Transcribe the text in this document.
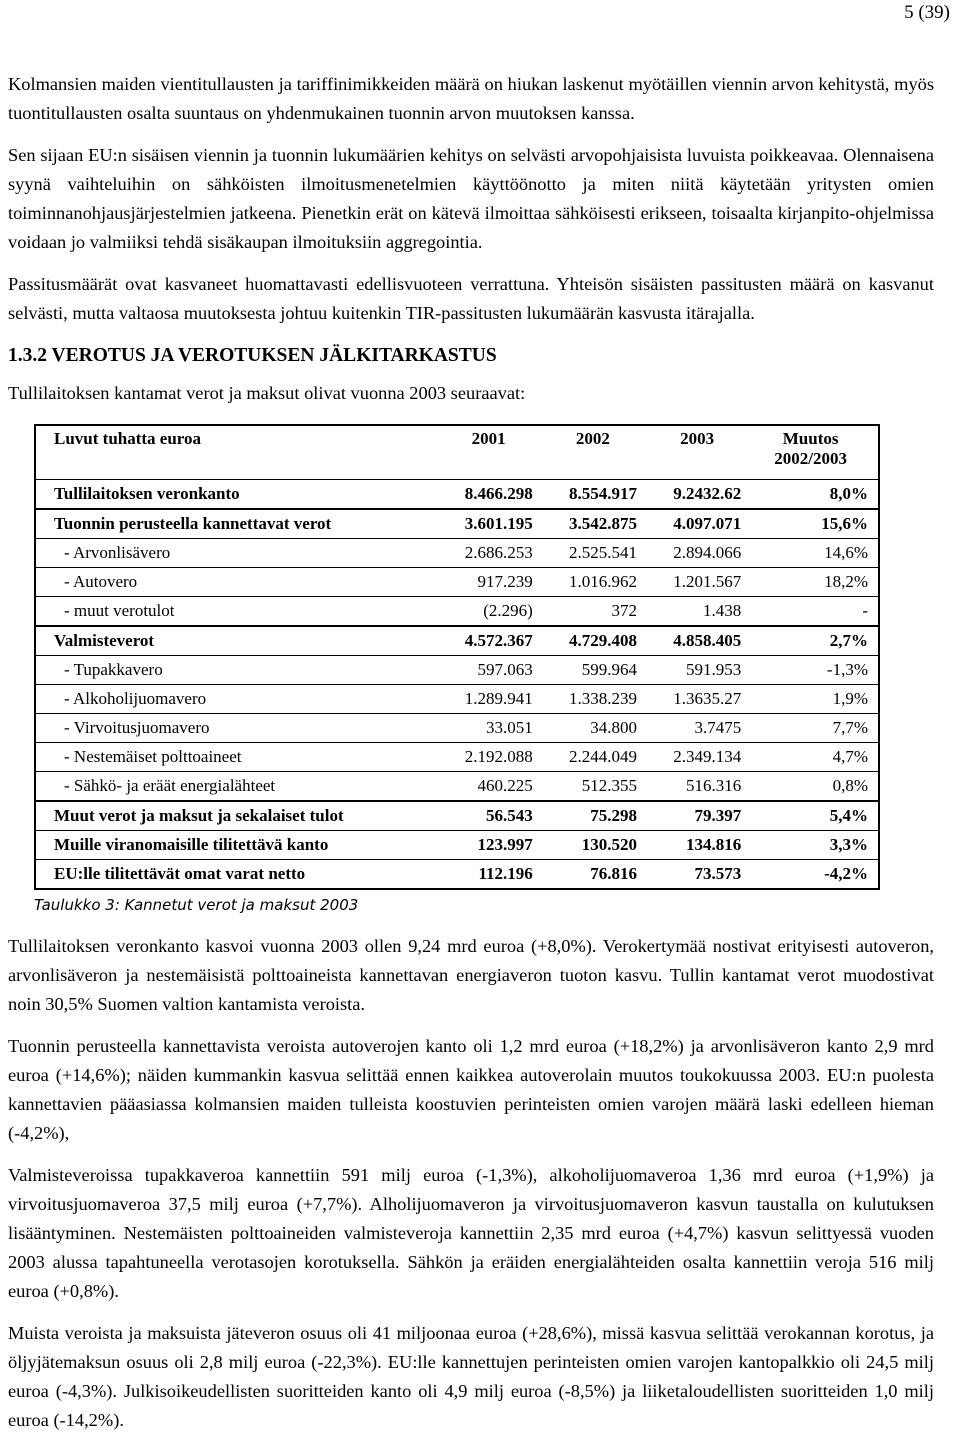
5 (39)

Kolmansien maiden vientitullausten ja tariffinimikkeiden määrä on hiukan laskenut myötäillen viennin arvon kehitystä, myös tuontitullausten osalta suuntaus on yhdenmukainen tuonnin arvon muutoksen kanssa.

Sen sijaan EU:n sisäisen viennin ja tuonnin lukumäärien kehitys on selvästi arvopohjaisista luvuista poikkeavaa. Olennaisena syynä vaihteluihin on sähköisten ilmoitusmenetelmien käyttöönotto ja miten niitä käytetään yritysten omien toiminnanohjausjärjestelmien jatkeena. Pienetkin erät on kätevä ilmoittaa sähköisesti erikseen, toisaalta kirjanpito-ohjelmissa voidaan jo valmiiksi tehdä sisäkaupan ilmoituksiin aggregointia.

Passitusmäärät ovat kasvaneet huomattavasti edellisvuoteen verrattuna. Yhteisön sisäisten passitusten määrä on kasvanut selvästi, mutta valtaosa muutoksesta johtuu kuitenkin TIR-passitusten lukumäärän kasvusta itärajalla.

1.3.2 VEROTUS JA VEROTUKSEN JÄLKITARKASTUS
Tullilaitoksen kantamat verot ja maksut olivat vuonna 2003 seuraavat:
Luvut tuhatta euroa	2001	2002	2003	Muutos 2002/2003
Tullilaitoksen veronkanto	8.466.298	8.554.917	9.2432.62	8,0%
Tuonnin perusteella kannettavat verot	3.601.195	3.542.875	4.097.071	15,6%
- Arvonlisävero	2.686.253	2.525.541	2.894.066	14,6%
- Autovero	917.239	1.016.962	1.201.567	18,2%
- muut verotulot	(2.296)	372	1.438	-
Valmisteverot	4.572.367	4.729.408	4.858.405	2,7%
- Tupakkavero	597.063	599.964	591.953	-1,3%
- Alkoholijuomavero	1.289.941	1.338.239	1.3635.27	1,9%
- Virvoitusjuomavero	33.051	34.800	3.7475	7,7%
- Nestemäiset polttoaineet	2.192.088	2.244.049	2.349.134	4,7%
- Sähkö- ja eräät energialähteet	460.225	512.355	516.316	0,8%
Muut verot ja maksut ja sekalaiset tulot	56.543	75.298	79.397	5,4%
Muille viranomaisille tilitettävä kanto	123.997	130.520	134.816	3,3%
EU:lle tilitettävät omat varat netto	112.196	76.816	73.573	-4,2%
Taulukko 3: Kannetut verot ja maksut 2003

Tullilaitoksen veronkanto kasvoi vuonna 2003 ollen 9,24 mrd euroa (+8,0%). Verokertymää nostivat erityisesti autoveron, arvonlisäveron ja nestemäisistä polttoaineista kannettavan energiaveron tuoton kasvu. Tullin kantamat verot muodostivat noin 30,5% Suomen valtion kantamista veroista.

Tuonnin perusteella kannettavista veroista autoverojen kanto oli 1,2 mrd euroa (+18,2%) ja arvonlisäveron kanto 2,9 mrd euroa (+14,6%); näiden kummankin kasvua selittää ennen kaikkea autoverolain muutos toukokuussa 2003. EU:n puolesta kannettavien pääasiassa kolmansien maiden tulleista koostuvien perinteisten omien varojen määrä laski edelleen hieman (-4,2%),

Valmisteveroissa tupakkaveroa kannettiin 591 milj euroa (-1,3%), alkoholijuomaveroa 1,36 mrd euroa (+1,9%) ja virvoitusjuomaveroa 37,5 milj euroa (+7,7%). Alholijuomaveron ja virvoitusjuomaveron kasvun taustalla on kulutuksen lisääntyminen. Nestemäisten polttoaineiden valmisteveroja kannettiin 2,35 mrd euroa (+4,7%) kasvun selittyessä vuoden 2003 alussa tapahtuneella verotasojen korotuksella. Sähkön ja eräiden energialähteiden osalta kannettiin veroja 516 milj euroa (+0,8%).

Muista veroista ja maksuista jäteveron osuus oli 41 miljoonaa euroa (+28,6%), missä kasvua selittää verokannan korotus, ja öljyjätemaksun osuus oli 2,8 milj euroa (-22,3%). EU:lle kannettujen perinteisten omien varojen kantopalkkio oli 24,5 milj euroa (-4,3%). Julkisoikeudellisten suoritteiden kanto oli 4,9 milj euroa (-8,5%) ja liiketaloudellisten suoritteiden 1,0 milj euroa (-14,2%).
